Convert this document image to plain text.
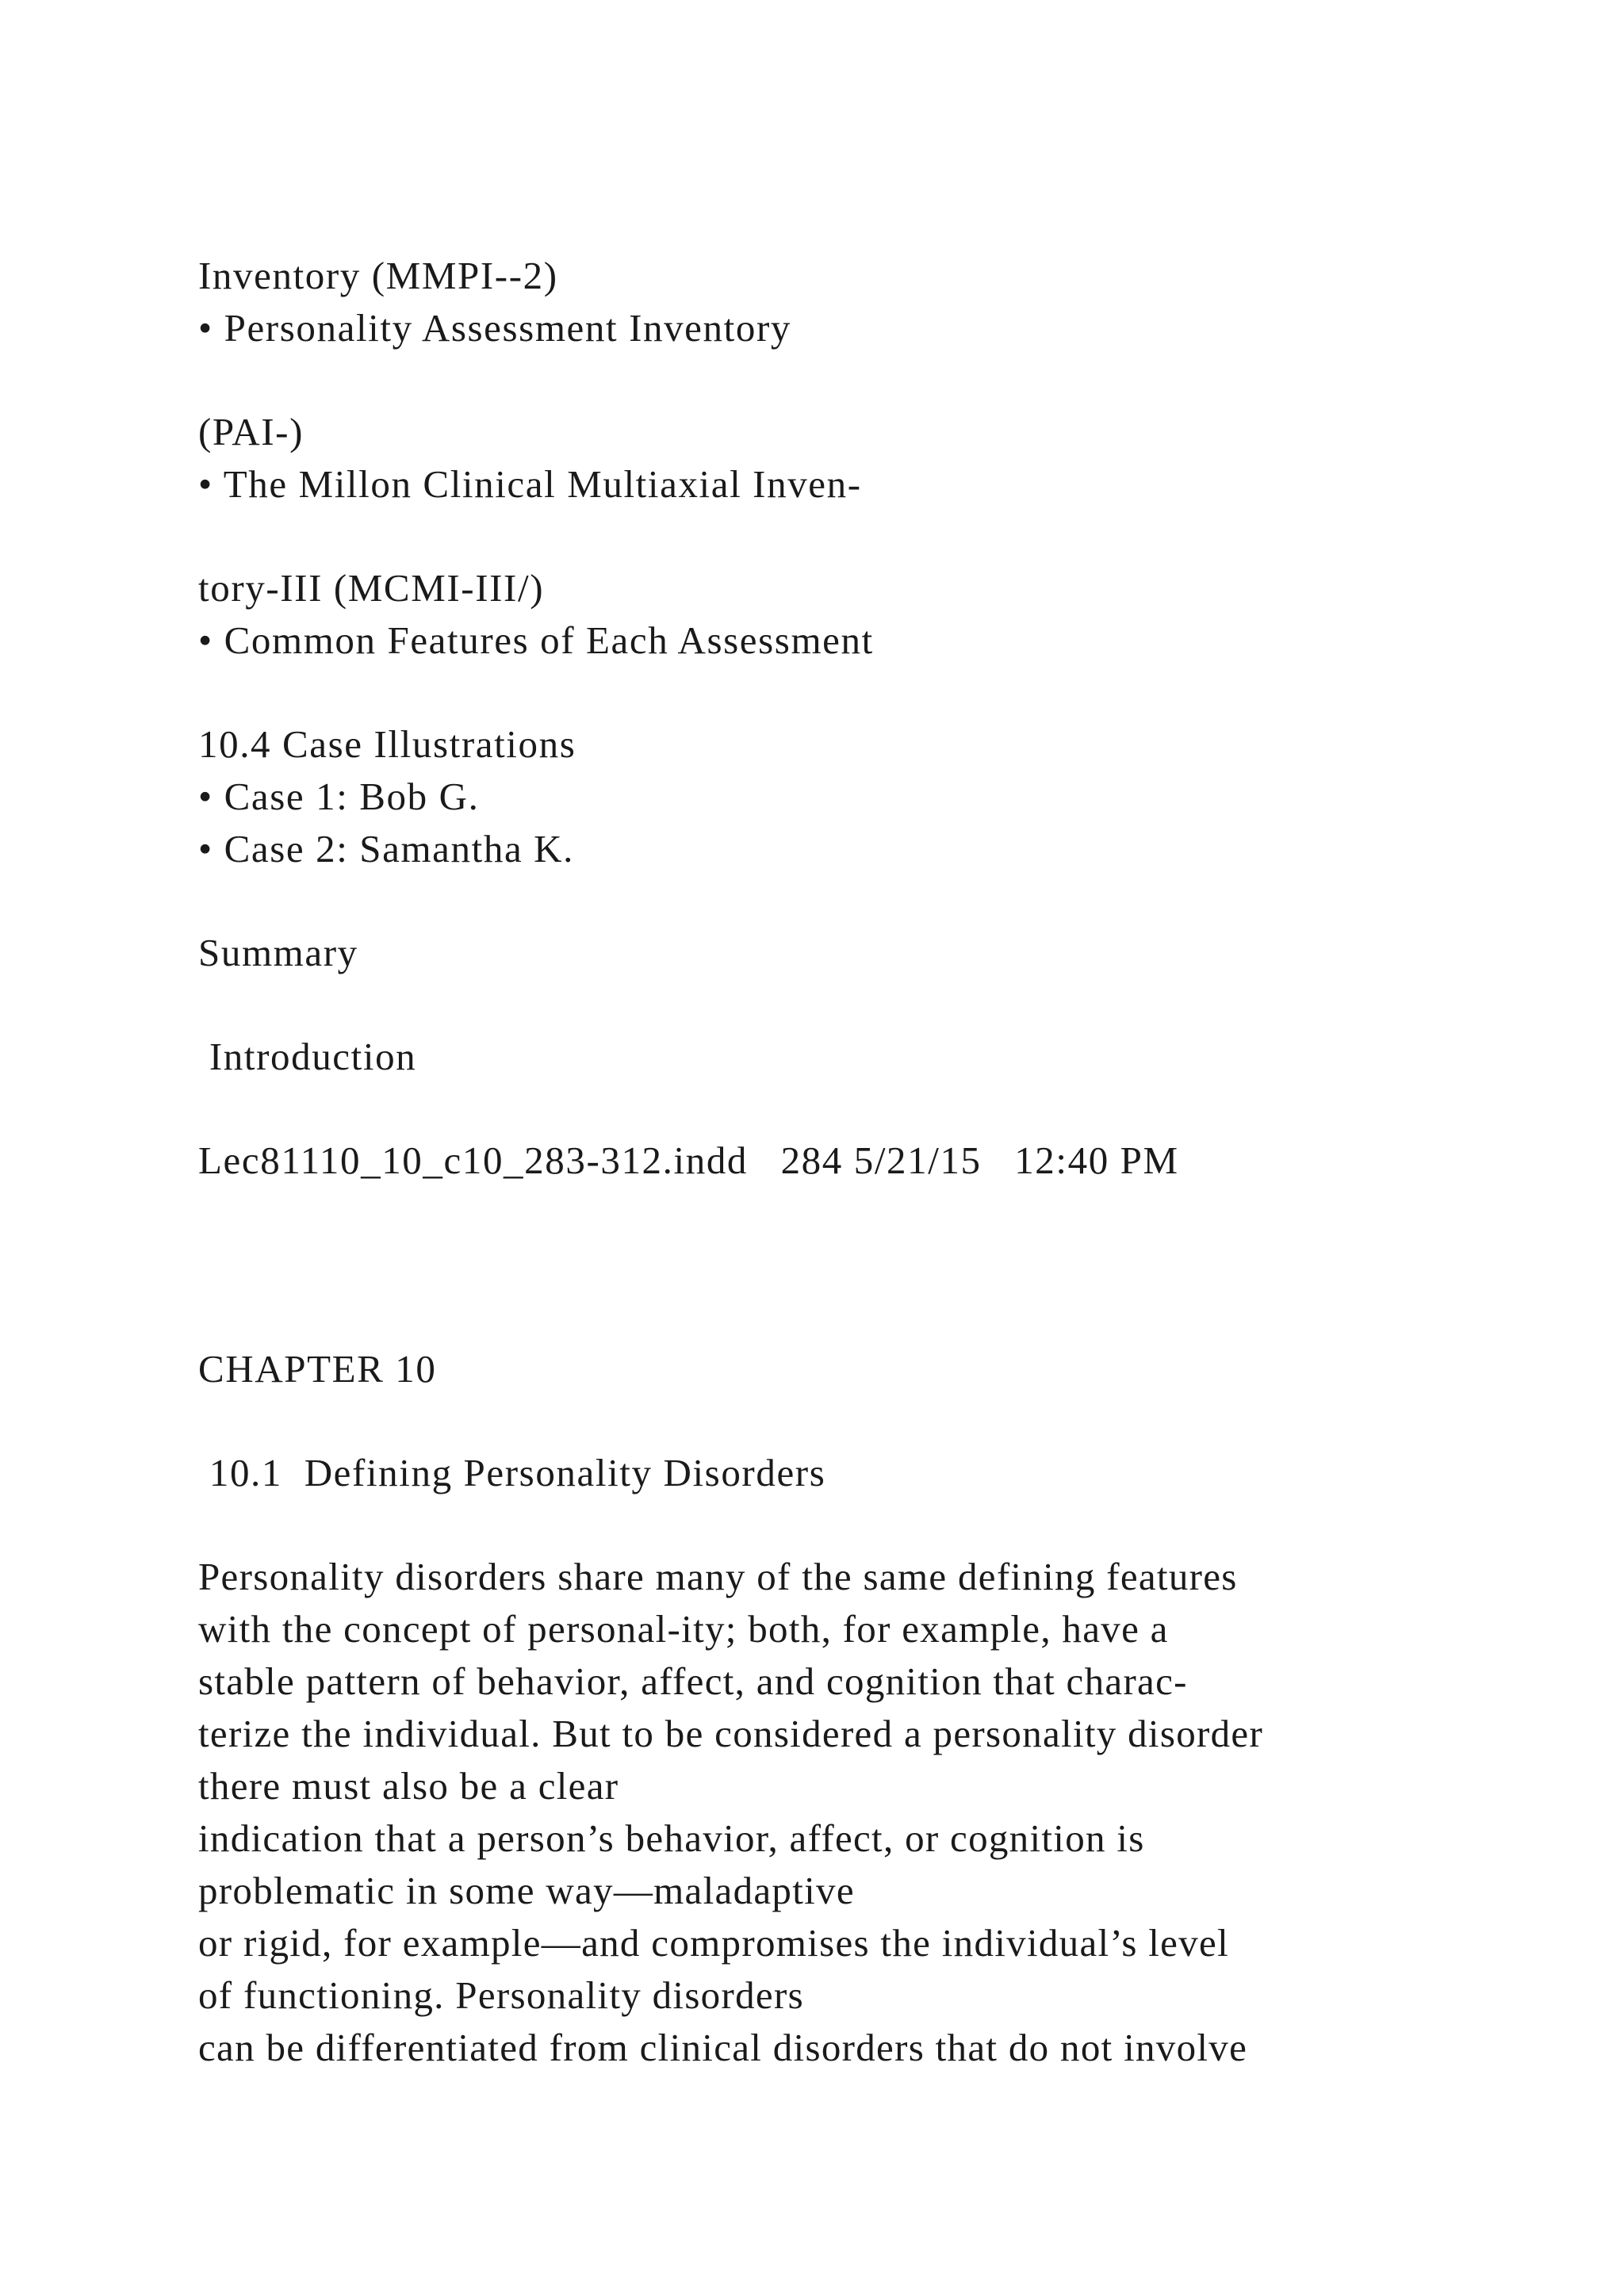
Inventory (MMPI--2)

• Personality Assessment Inventory

(PAI-)

• The Millon Clinical Multiaxial Inven-

tory-III (MCMI-III/)

• Common Features of Each Assessment

10.4 Case Illustrations

• Case 1: Bob G.

• Case 2: Samantha K.

Summary

Introduction

Lec81110_10_c10_283-312.indd   284 5/21/15   12:40 PM

CHAPTER 10

10.1  Defining Personality Disorders

Personality disorders share many of the same defining features

with the concept of personal-ity; both, for example, have a

stable pattern of behavior, affect, and cognition that charac-

terize the individual. But to be considered a personality disorder

there must also be a clear

indication that a person’s behavior, affect, or cognition is

problematic in some way—maladaptive

or rigid, for example—and compromises the individual’s level

of functioning. Personality disorders

can be differentiated from clinical disorders that do not involve
